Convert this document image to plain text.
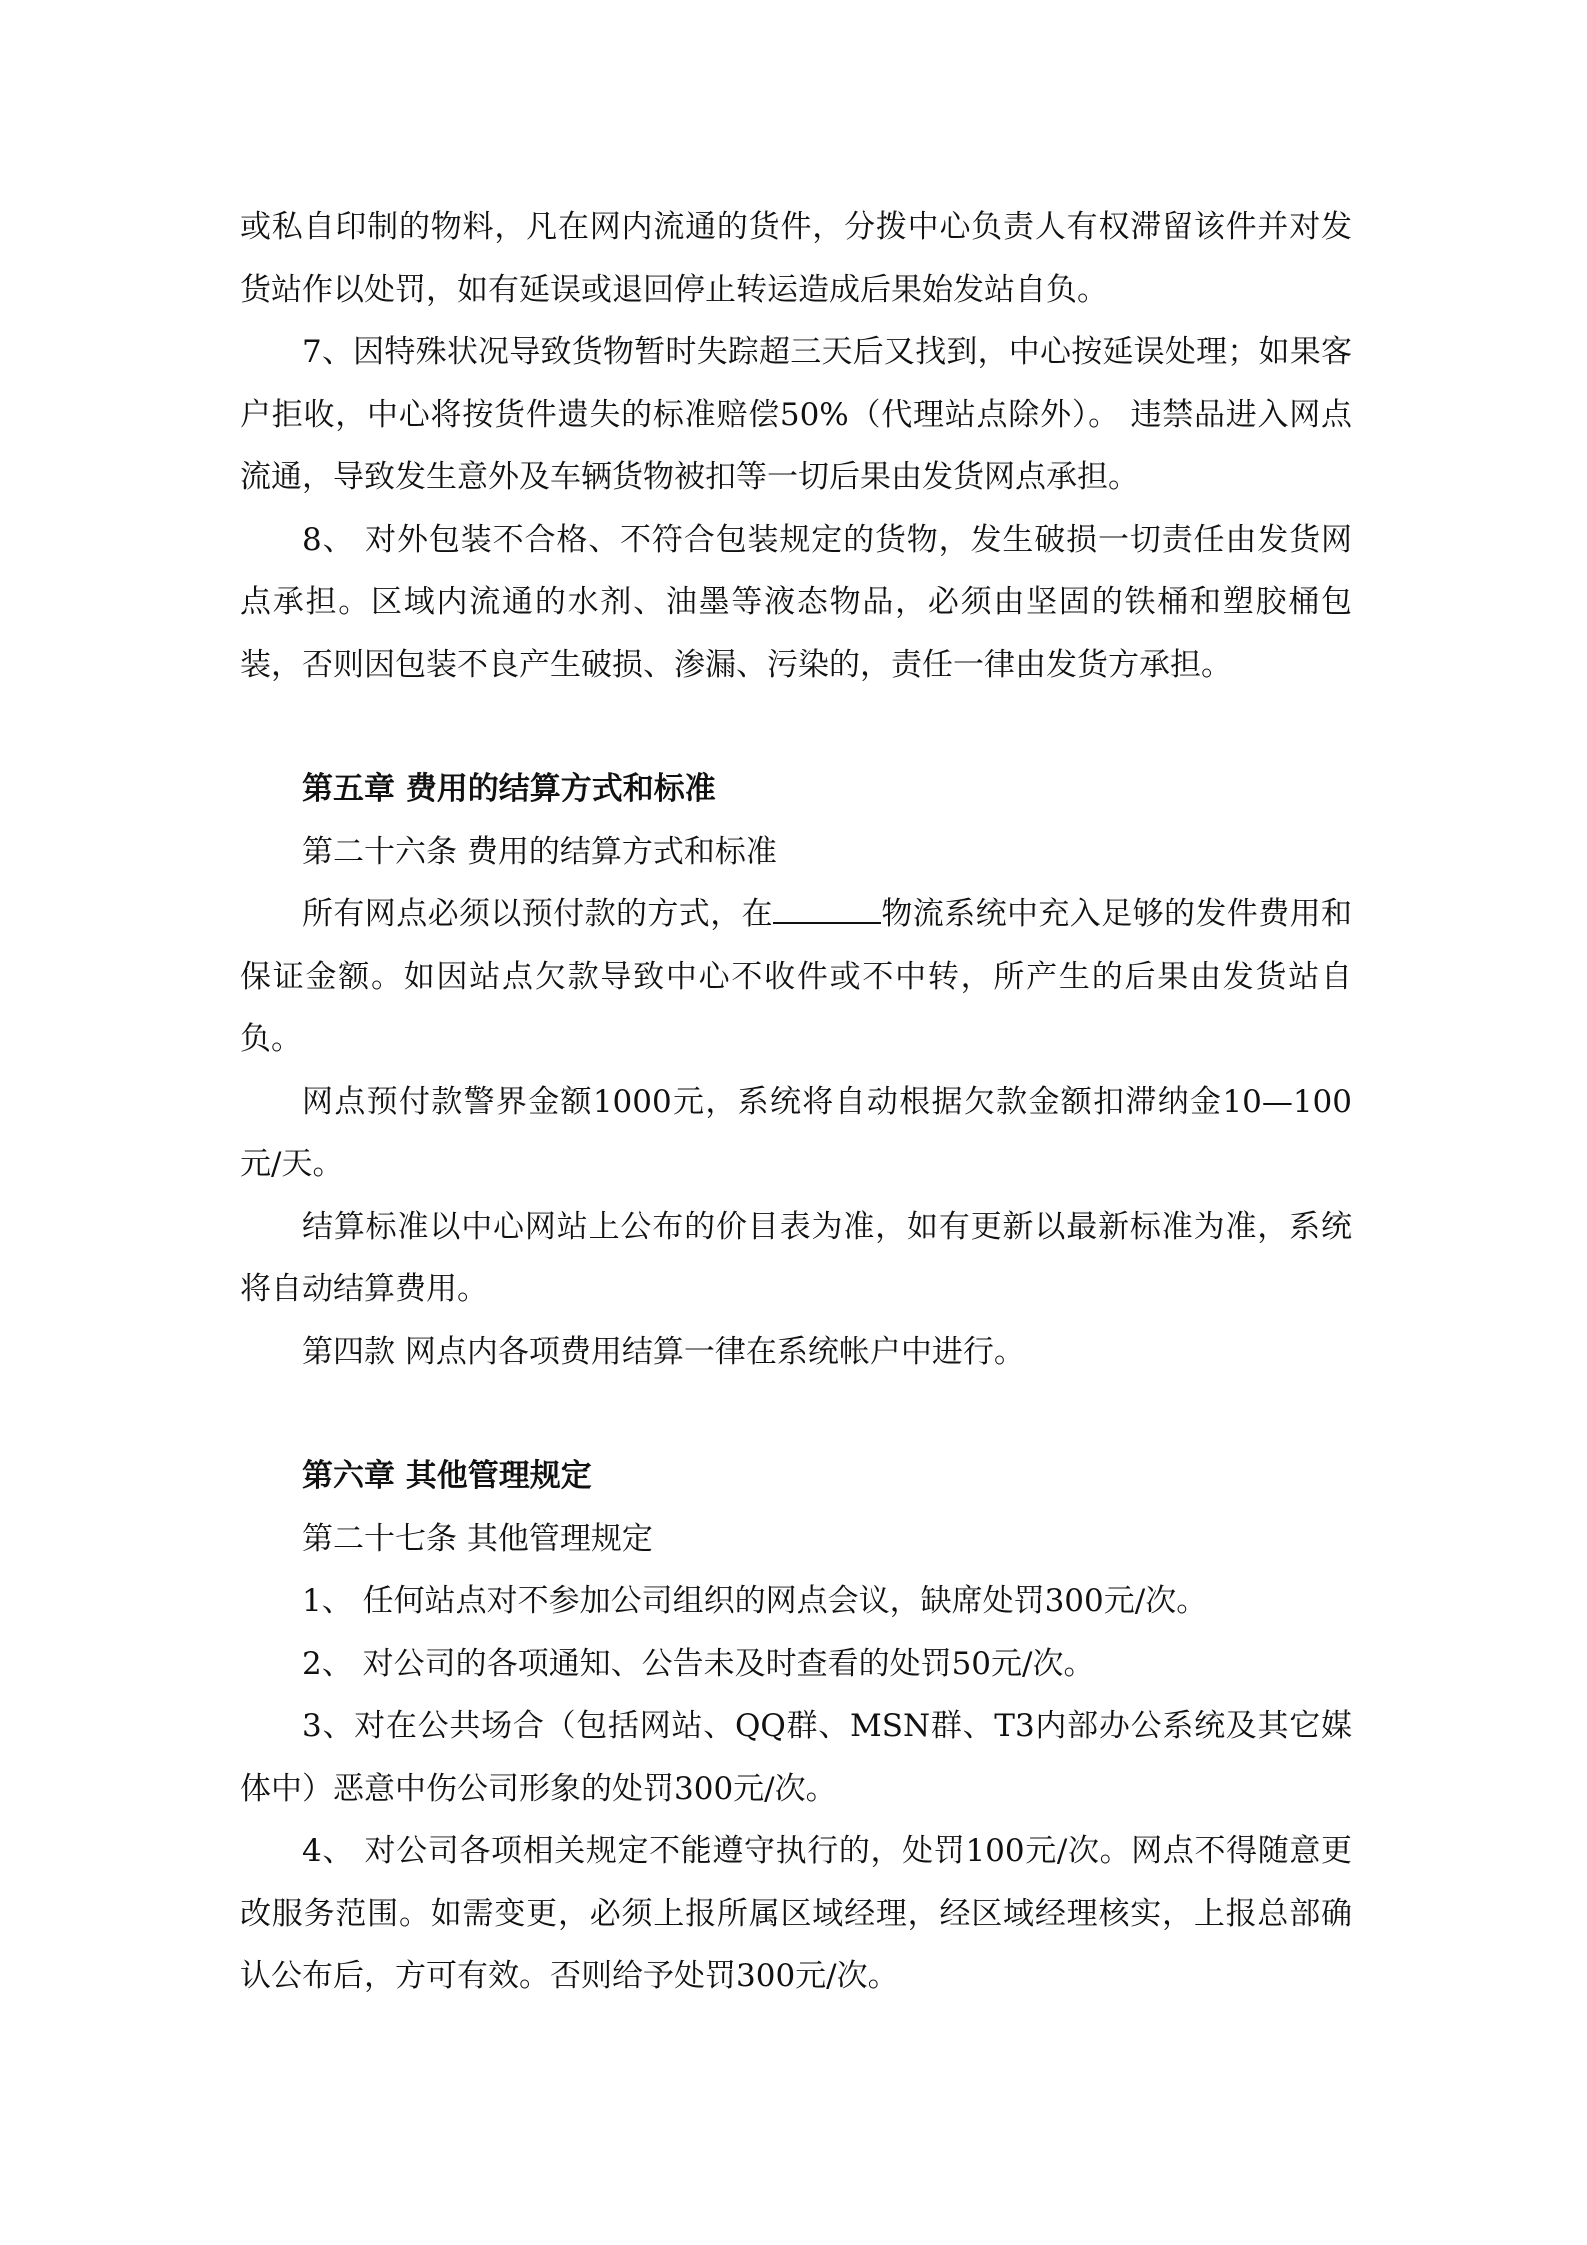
或私自印制的物料，凡在网内流通的货件，分拨中心负责人有权滞留该件并对发货站作以处罚，如有延误或退回停止转运造成后果始发站自负。

7、因特殊状况导致货物暂时失踪超三天后又找到，中心按延误处理；如果客户拒收，中心将按货件遗失的标准赔偿50%（代理站点除外）。 违禁品进入网点流通，导致发生意外及车辆货物被扣等一切后果由发货网点承担。

8、 对外包装不合格、不符合包装规定的货物，发生破损一切责任由发货网点承担。区域内流通的水剂、油墨等液态物品，必须由坚固的铁桶和塑胶桶包装，否则因包装不良产生破损、渗漏、污染的，责任一律由发货方承担。

第五章 费用的结算方式和标准

第二十六条 费用的结算方式和标准

所有网点必须以预付款的方式，在	物流系统中充入足够的发件费用和保证金额。如因站点欠款导致中心不收件或不中转，所产生的后果由发货站自负。

网点预付款警界金额1000元，系统将自动根据欠款金额扣滞纳金10—100元/天。

结算标准以中心网站上公布的价目表为准，如有更新以最新标准为准，系统将自动结算费用。

第四款 网点内各项费用结算一律在系统帐户中进行。

第六章 其他管理规定

第二十七条 其他管理规定

1、 任何站点对不参加公司组织的网点会议，缺席处罚300元/次。

2、 对公司的各项通知、公告未及时查看的处罚50元/次。

3、对在公共场合（包括网站、QQ群、MSN群、T3内部办公系统及其它媒体中）恶意中伤公司形象的处罚300元/次。

4、 对公司各项相关规定不能遵守执行的，处罚100元/次。网点不得随意更改服务范围。如需变更，必须上报所属区域经理，经区域经理核实，上报总部确认公布后，方可有效。否则给予处罚300元/次。
